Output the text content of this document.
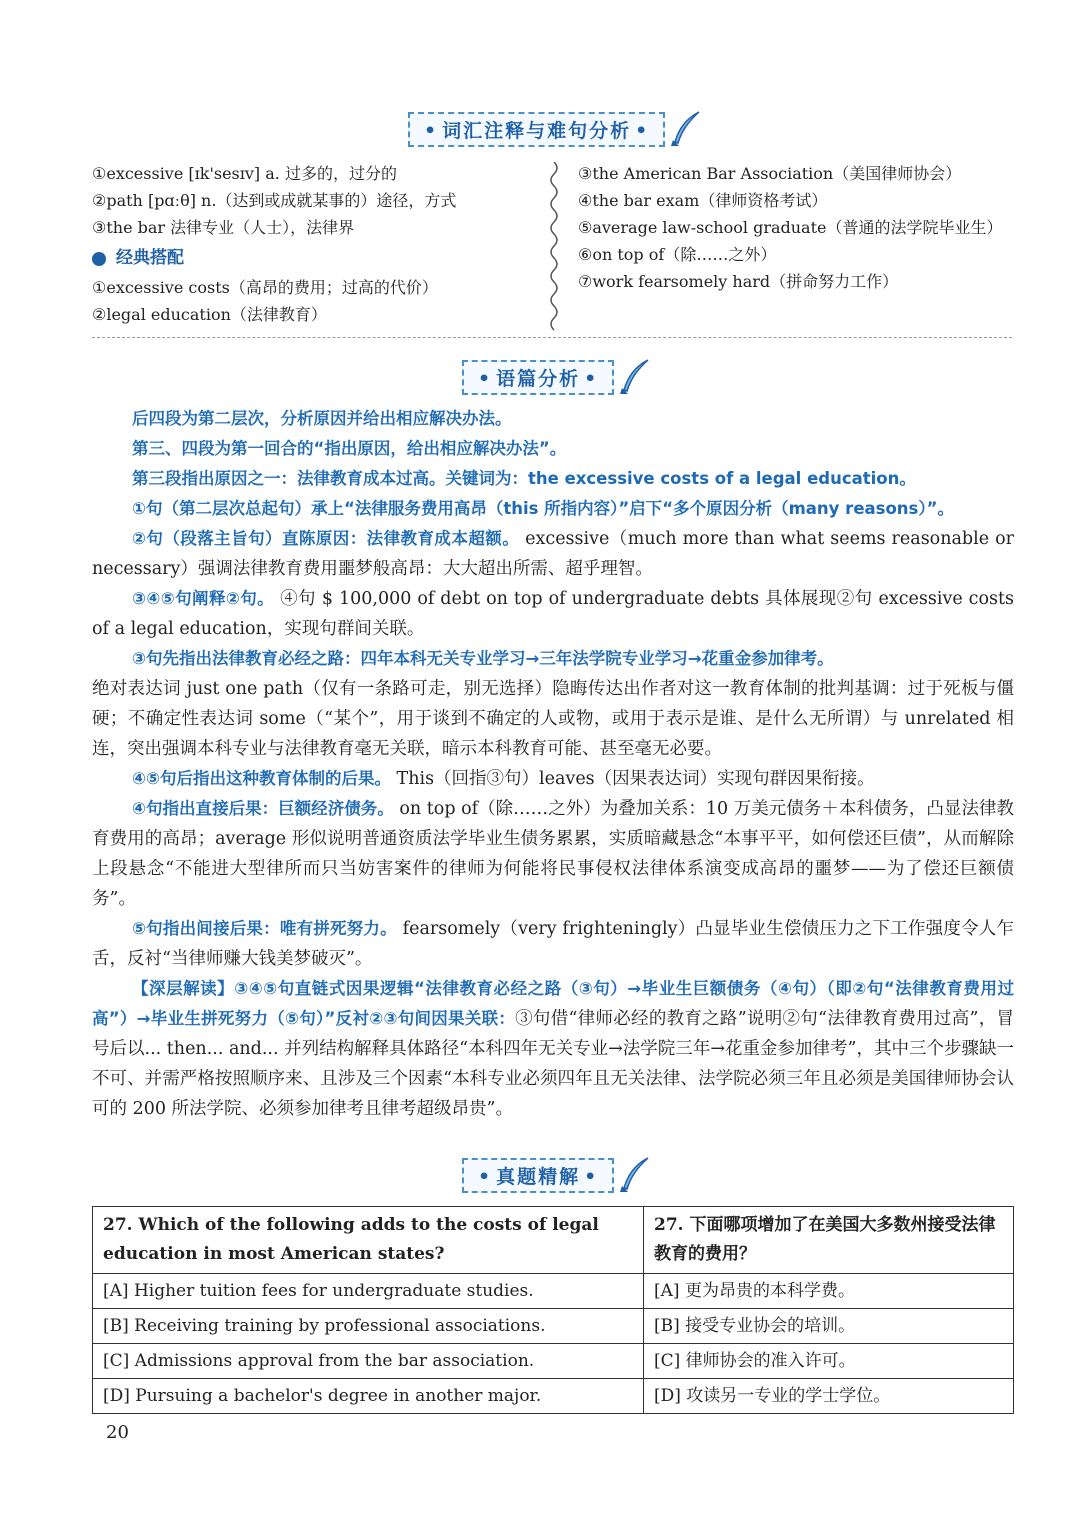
• 词汇注释与难句分析 •
①excessive [ɪk'sesɪv] a. 过多的，过分的
②path [pɑːθ] n.（达到或成就某事的）途径，方式
③the bar 法律专业（人士），法律界
经典搭配
①excessive costs（高昂的费用；过高的代价）
②legal education（法律教育）
③the American Bar Association（美国律师协会）
④the bar exam（律师资格考试）
⑤average law-school graduate（普通的法学院毕业生）
⑥on top of（除……之外）
⑦work fearsomely hard（拼命努力工作）
• 语篇分析 •

后四段为第二层次，分析原因并给出相应解决办法。

第三、四段为第一回合的“指出原因，给出相应解决办法”。

第三段指出原因之一：法律教育成本过高。关键词为：the excessive costs of a legal education。

①句（第二层次总起句）承上“法律服务费用高昂（this 所指内容）”启下“多个原因分析（many reasons）”。

②句（段落主旨句）直陈原因：法律教育成本超额。 excessive（much more than what seems reasonable or necessary）强调法律教育费用噩梦般高昂：大大超出所需、超乎理智。

③④⑤句阐释②句。 ④句 $ 100,000 of debt on top of undergraduate debts 具体展现②句 excessive costs of a legal education，实现句群间关联。

③句先指出法律教育必经之路：四年本科无关专业学习→三年法学院专业学习→花重金参加律考。
绝对表达词 just one path（仅有一条路可走，别无选择）隐晦传达出作者对这一教育体制的批判基调：过于死板与僵硬；不确定性表达词 some（“某个”，用于谈到不确定的人或物，或用于表示是谁、是什么无所谓）与 unrelated 相连，突出强调本科专业与法律教育毫无关联，暗示本科教育可能、甚至毫无必要。

④⑤句后指出这种教育体制的后果。 This（回指③句）leaves（因果表达词）实现句群因果衔接。

④句指出直接后果：巨额经济债务。 on top of（除……之外）为叠加关系：10 万美元债务＋本科债务，凸显法律教育费用的高昂；average 形似说明普通资质法学毕业生债务累累，实质暗藏悬念“本事平平，如何偿还巨债”，从而解除上段悬念“不能进大型律所而只当妨害案件的律师为何能将民事侵权法律体系演变成高昂的噩梦——为了偿还巨额债务”。

⑤句指出间接后果：唯有拼死努力。 fearsomely（very frighteningly）凸显毕业生偿债压力之下工作强度令人乍舌，反衬“当律师赚大钱美梦破灭”。

【深层解读】③④⑤句直链式因果逻辑“法律教育必经之路（③句）→毕业生巨额债务（④句）（即②句“法律教育费用过高”）→毕业生拼死努力（⑤句）”反衬②③句间因果关联：③句借“律师必经的教育之路”说明②句“法律教育费用过高”，冒号后以... then... and... 并列结构解释具体路径“本科四年无关专业→法学院三年→花重金参加律考”，其中三个步骤缺一不可、并需严格按照顺序来、且涉及三个因素“本科专业必须四年且无关法律、法学院必须三年且必须是美国律师协会认可的 200 所法学院、必须参加律考且律考超级昂贵”。

• 真题精解 •
27. Which of the following adds to the costs of legal education in most American states?	27. 下面哪项增加了在美国大多数州接受法律教育的费用？
[A] Higher tuition fees for undergraduate studies.	[A] 更为昂贵的本科学费。
[B] Receiving training by professional associations.	[B] 接受专业协会的培训。
[C] Admissions approval from the bar association.	[C] 律师协会的准入许可。
[D] Pursuing a bachelor's degree in another major.	[D] 攻读另一专业的学士学位。
20
